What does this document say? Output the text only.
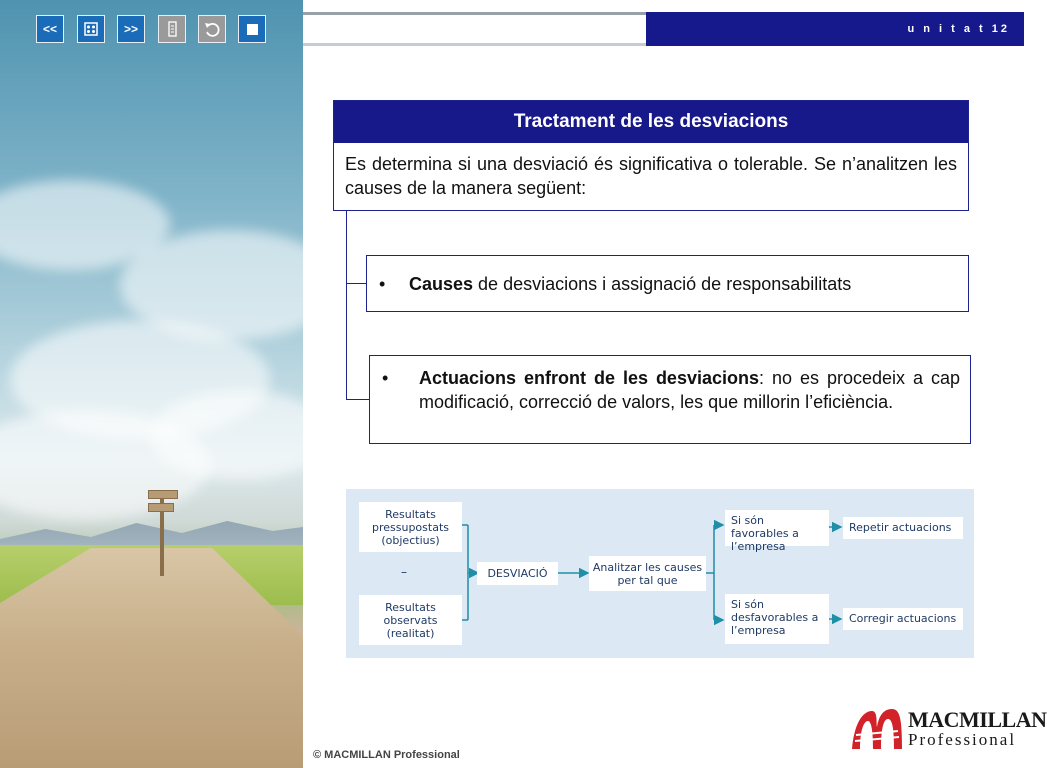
<<	>>	u n i t a t 12
Tractament de les desviacions
Es determina si una desviació és significativa o tolerable. Se n’analitzen les causes de la manera següent:
• Causes de desviacions i assignació de responsabilitats
• Actuacions enfront de les desviacions: no es procedeix a cap modificació, correcció de valors, les que millorin l’eficiència.
Resultats pressupostats (objectius)
–
Resultats observats (realitat)
DESVIACIÓ	Analitzar les causes per tal que
Si són favorables a l’empresa
Si són desfavorables a l’empresa
Repetir actuacions
Corregir actuacions
© MACMILLAN Professional
MACMILLAN
Professional
